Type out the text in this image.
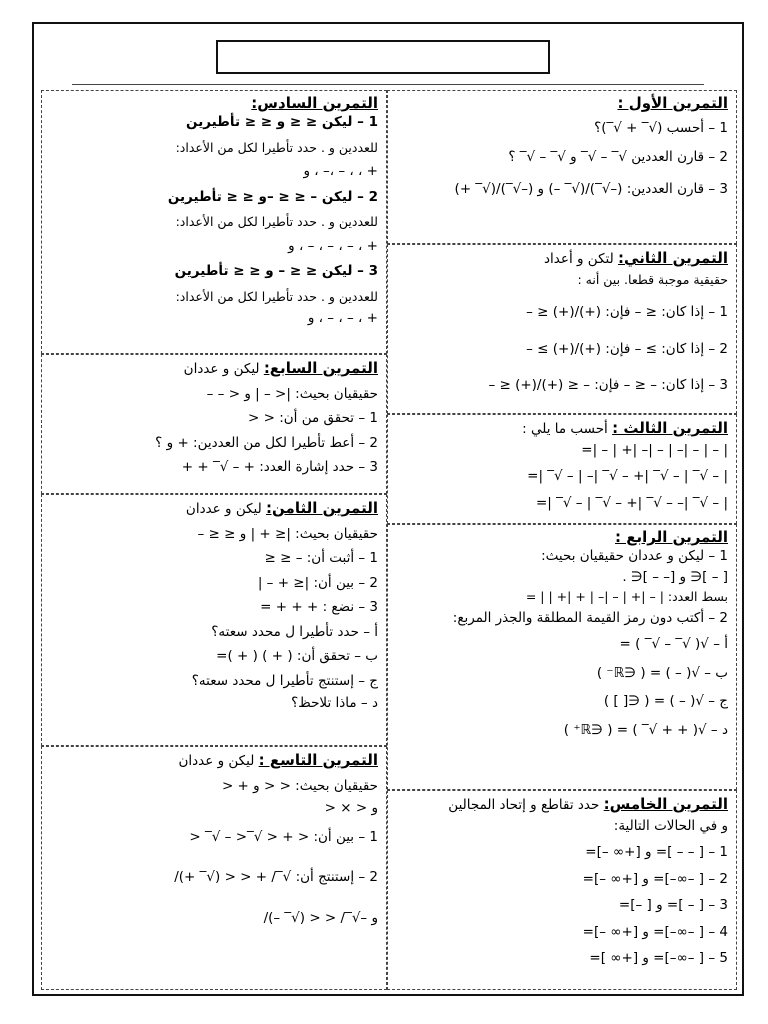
التمرين الأول :
1 – أحسب (√‾ + √‾)؟
2 – قارن العددين √‾ – √‾ و √‾ – √‾ ؟
3 – قارن العددين: (–√‾)/(√‾ –) و (–√‾)/(√‾ +)
التمرين الثاني: لتكن و أعداد
حقيقية موجبة قطعا. بين أنه :
1 – إذا كان: ≤ – فإن: (+)/(+) ≤ –
2 – إذا كان: ≥ – فإن: (+)/(+) ≥ –
3 – إذا كان: – ≤ – فإن: – ≤ (+)/(+) ≤ –
التمرين الثالث : أحسب ما يلي :
| – | – |– | – |– |+ | – |=
| – √‾ | – √‾ |+ – √‾ |– | – √‾ |=
| – √‾ |– – √‾ |+ – √‾ | – √‾ |=
التمرين الرابع :
1 – ليكن و عددان حقيقيان بحيث:
[ – ]∈ و [– – ]∈ .
بسط العدد: | – |+ | – |– | + |+ | | =
2 – أكتب دون رمز القيمة المطلقة والجذر المربع:
أ – √( √‾ – √‾ ) =
ب – √( – ) = ( ∈ℝ⁻ )
ج – √( – ) = ( ∈[ ] )
د – √( + + √‾ ) = ( ∈ℝ⁺ )
التمرين الخامس: حدد تقاطع و إتحاد المجالين
و في الحالات التالية:
1 – [ – – ]= و [+∞ –]=
2 – [ –∞–]= و [+∞ –]=
3 – [ – ]= و [ –]=
4 – [ –∞–]= و [+∞ –]=
5 – [ –∞–]= و [+∞ ]=
التمرين السادس:
1 – ليكن ≤ ≤ و ≤ ≤ تأطيرين
للعددين و . حدد تأطيرا لكل من الأعداد:
+ ، ، – ،– ، و
2 – ليكن – ≤ ≤ –و ≤ ≤ تأطيرين
للعددين و . حدد تأطيرا لكل من الأعداد:
+ ، – ، – ، – ، و
3 – ليكن ≤ ≤ – و ≤ ≤ تأطيرين
للعددين و . حدد تأطيرا لكل من الأعداد:
+ ، – ، – ، و
التمرين السابع: ليكن و عددان
حقيقيان بحيث: |< – | و < – –
1 – تحقق من أن: < <
2 – أعط تأطيرا لكل من العددين: + و ؟
3 – حدد إشارة العدد: + – √‾ + +
التمرين الثامن: ليكن و عددان
حقيقيان بحيث: |≤ + | و ≤ ≤ –
1 – أثبت أن: – ≤ ≤
2 – بين أن: |≤ + – |
3 – نضع : + + + =
أ – حدد تأطيرا ل محدد سعته؟
ب – تحقق أن: ( + ) ( + )=
ج – إستنتج تأطيرا ل محدد سعته؟
د – ماذا تلاحظ؟
التمرين التاسع : ليكن و عددان
حقيقيان بحيث: < < و + <
و < × <
1 – بين أن: < + < √‾< – √‾ <
2 – إستنتج أن: √‾/ + < < (√‾ +)/
و –√‾/ < < (√‾ –)/
